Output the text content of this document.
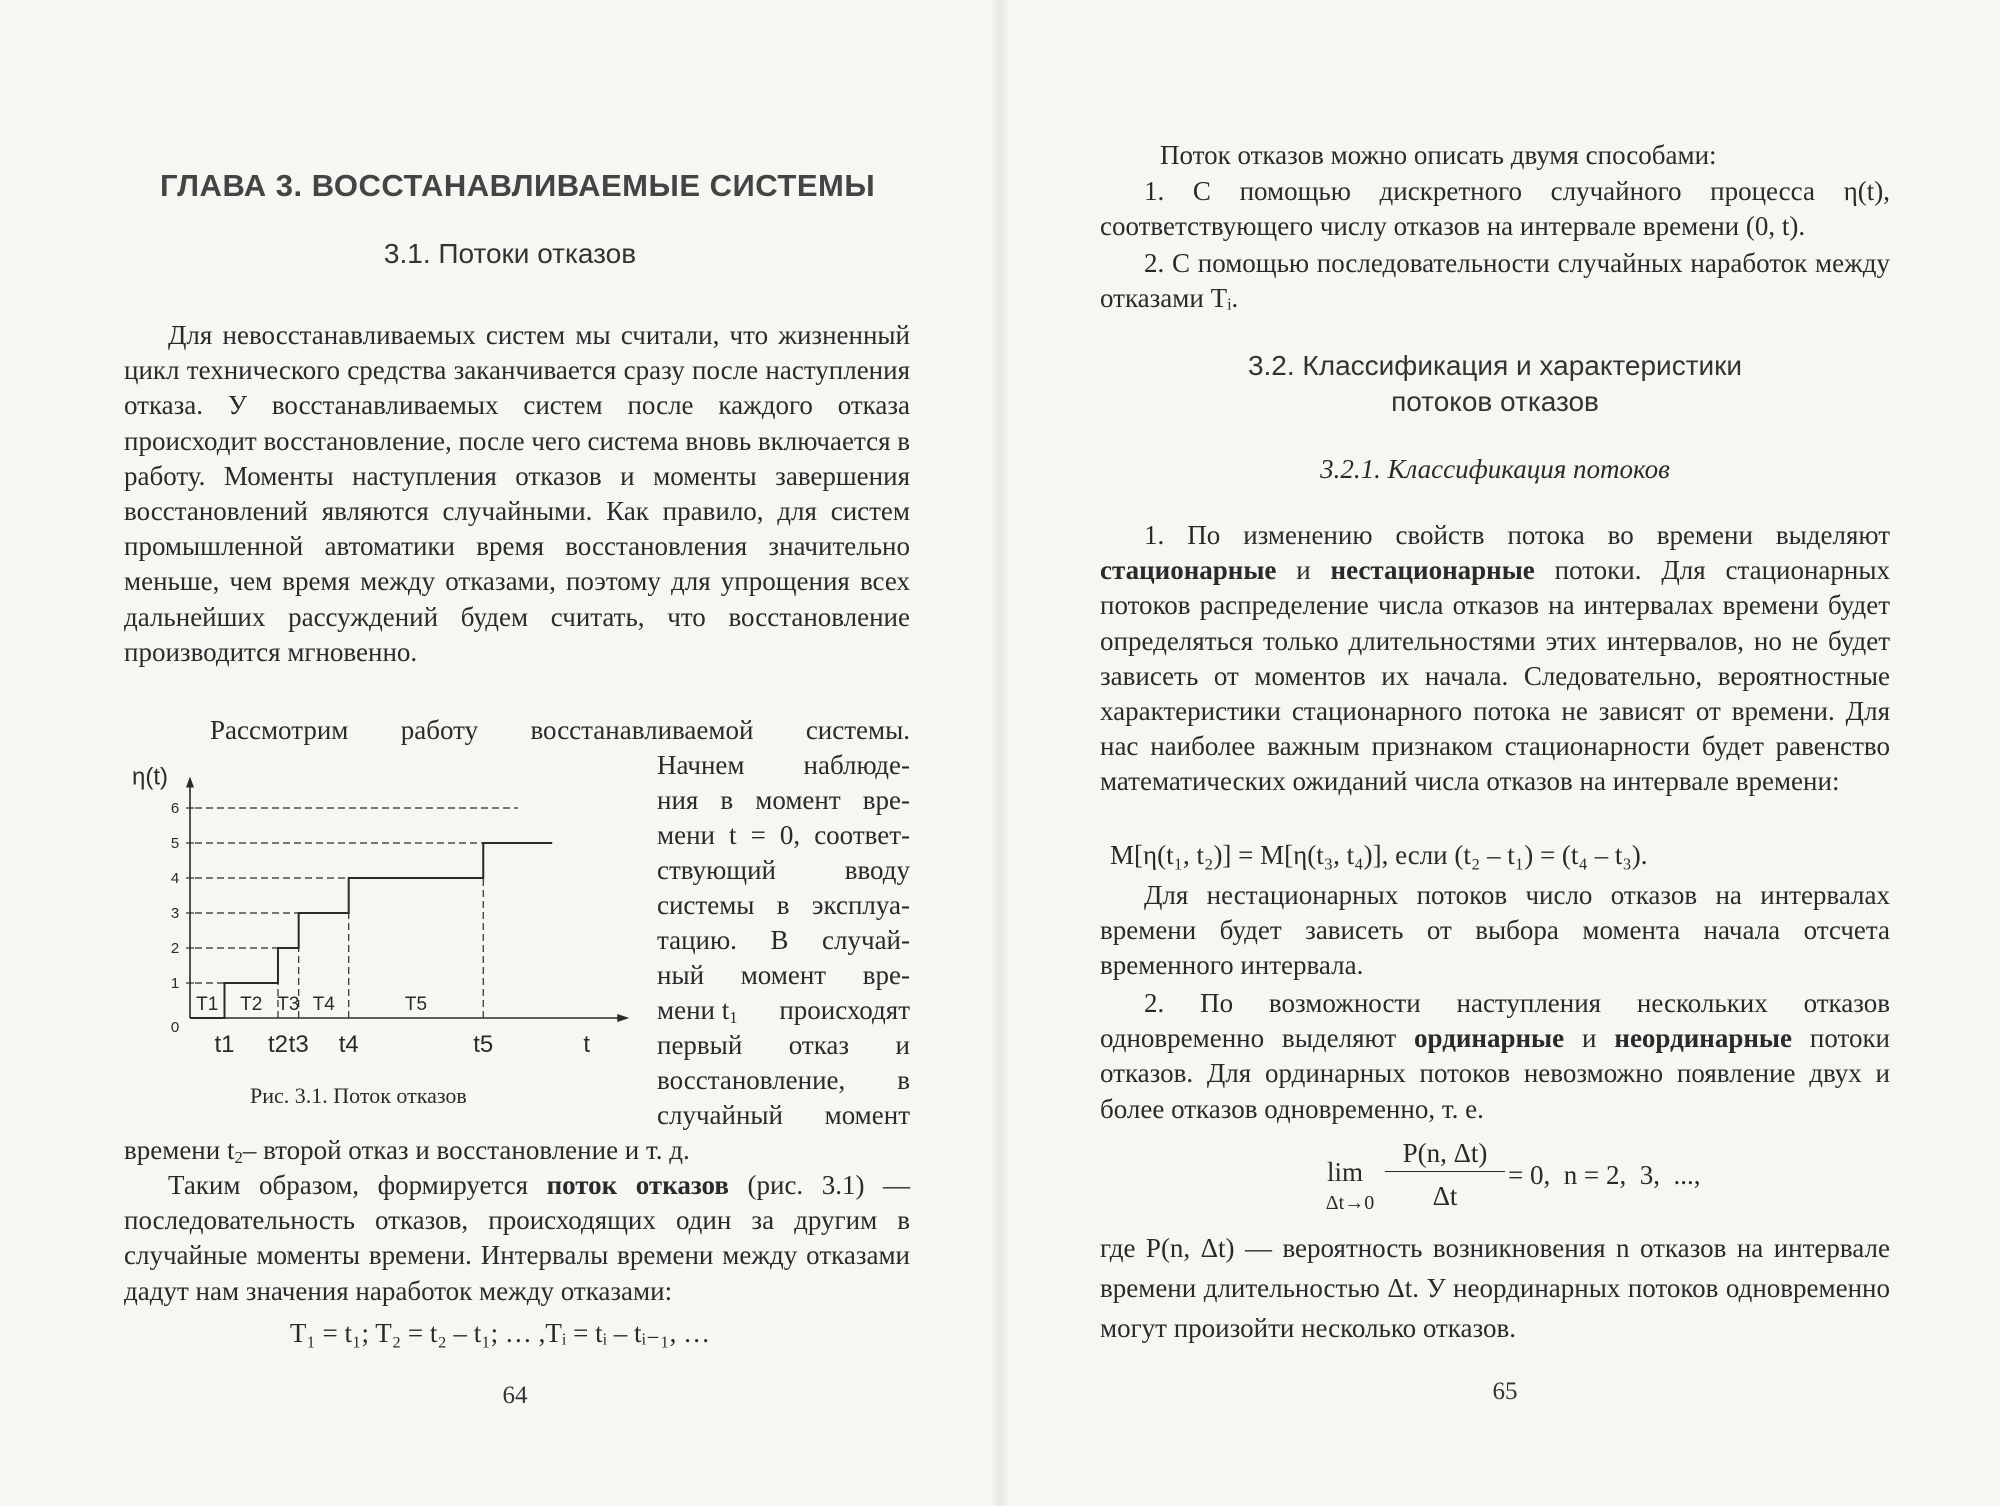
ГЛАВА 3. ВОССТАНАВЛИВАЕМЫЕ СИСТЕМЫ
3.1. Потоки отказов
Для невосстанавливаемых систем мы считали, что жизненный цикл технического средства заканчивается сразу после наступления отказа. У восстанавливаемых систем после каждого отказа происходит восстановление, после чего система вновь включается в работу. Моменты наступления отказов и моменты завершения восстановлений являются случайными. Как правило, для систем промышленной автоматики время восстановления значительно меньше, чем время между отказами, поэтому для упрощения всех дальнейших рассуждений будем считать, что восстановление производится мгновенно.
Рассмотрим работу восстанавливаемой системы.
Начнем наблюде-
ния в момент вре-
мени t = 0, соответ-
ствующий вводу
системы в эксплуа-
тацию. В случай-
ный момент вре-
мени $t_1$ происходят
первый отказ и
восстановление, в
случайный момент
времени $t_2-$ второй отказ и восстановление и т. д.
η(t)
0
1
2
3
4
5
6
T1 T2 T3 T4	T5
t1 t2 t3 t4	t5	t
Рис. 3.1. Поток отказов
Таким образом, формируется поток отказов (рис. 3.1) — последовательность отказов, происходящих один за другим в случайные моменты времени. Интервалы времени между отказами дадут нам значения наработок между отказами:
T₁ = t₁; T₂ = t₂ – t₁; … ,Tᵢ = tᵢ – tᵢ₋₁, …
64
Поток отказов можно описать двумя способами:
1. С помощью дискретного случайного процесса η(t), соответствующего числу отказов на интервале времени (0, t).
2. С помощью последовательности случайных наработок между отказами Tᵢ.
3.2. Классификация и характеристики
потоков отказов
3.2.1. Классификация потоков
1. По изменению свойств потока во времени выделяют стационарные и нестационарные потоки. Для стационарных потоков распределение числа отказов на интервалах времени будет определяться только длительностями этих интервалов, но не будет зависеть от моментов их начала. Следовательно, вероятностные характеристики стационарного потока не зависят от времени. Для нас наиболее важным признаком стационарности будет равенство математических ожиданий числа отказов на интервале времени:
M[η(t₁, t₂)] = M[η(t₃, t₄)], если (t₂ – t₁) = (t₄ – t₃).
Для нестационарных потоков число отказов на интервалах времени будет зависеть от выбора момента начала отсчета временного интервала.
2. По возможности наступления нескольких отказов одновременно выделяют ординарные и неординарные потоки отказов. Для ординарных потоков невозможно появление двух и более отказов одновременно, т. е.
lim
Δt→0
P(n, Δt)
Δt
= 0,  n = 2,  3,  ...,
где P(n, Δt) — вероятность возникновения n отказов на интервале времени длительностью Δt. У неординарных потоков одновременно могут произойти несколько отказов.
65
